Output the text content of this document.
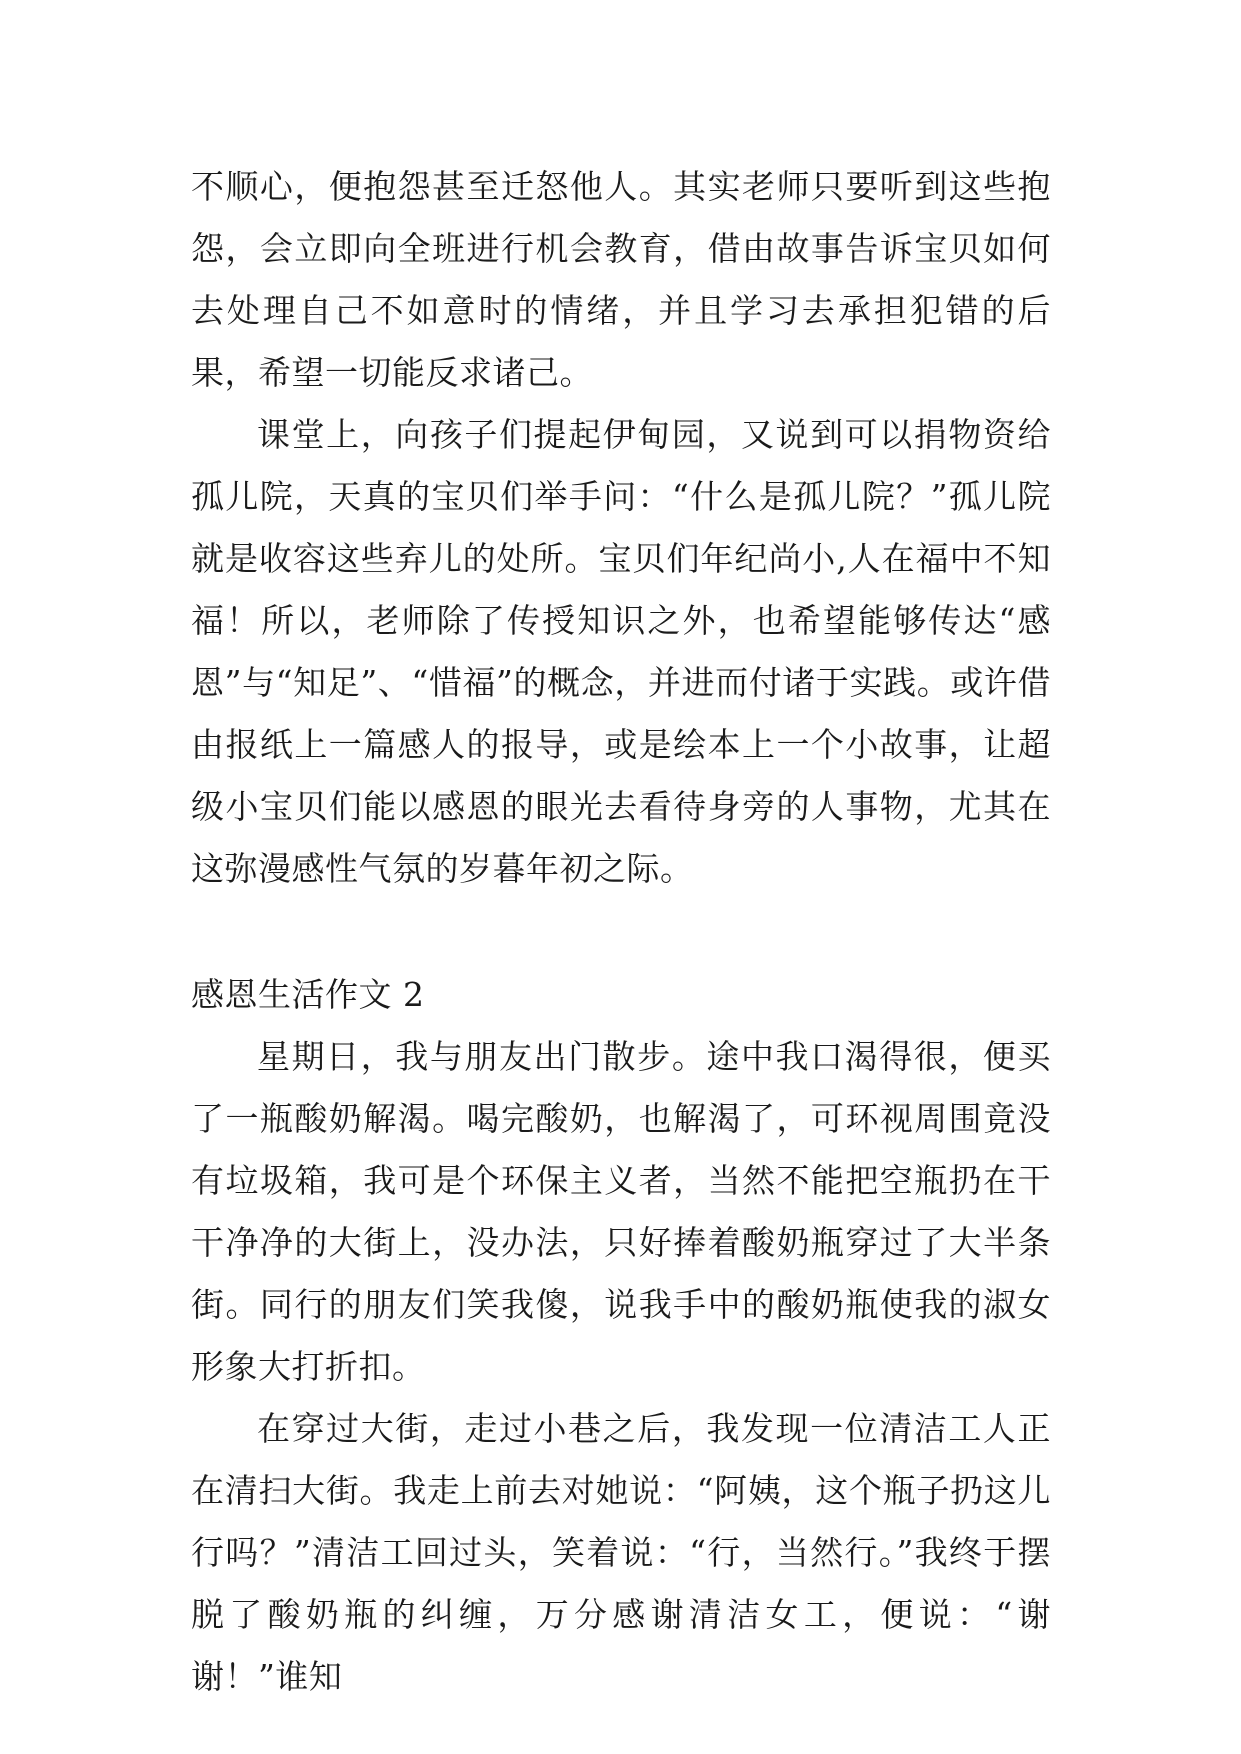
不顺心，便抱怨甚至迁怒他人。其实老师只要听到这些抱怨，会立即向全班进行机会教育，借由故事告诉宝贝如何去处理自己不如意时的情绪，并且学习去承担犯错的后果，希望一切能反求诸己。

课堂上，向孩子们提起伊甸园，又说到可以捐物资给孤儿院，天真的宝贝们举手问：“什么是孤儿院？”孤儿院就是收容这些弃儿的处所。宝贝们年纪尚小,人在福中不知福！所以，老师除了传授知识之外，也希望能够传达“感恩”与“知足”、“惜福”的概念，并进而付诸于实践。或许借由报纸上一篇感人的报导，或是绘本上一个小故事，让超级小宝贝们能以感恩的眼光去看待身旁的人事物，尤其在这弥漫感性气氛的岁暮年初之际。

感恩生活作文 2

星期日，我与朋友出门散步。途中我口渴得很，便买了一瓶酸奶解渴。喝完酸奶，也解渴了，可环视周围竟没有垃圾箱，我可是个环保主义者，当然不能把空瓶扔在干干净净的大街上，没办法，只好捧着酸奶瓶穿过了大半条街。同行的朋友们笑我傻，说我手中的酸奶瓶使我的淑女形象大打折扣。

在穿过大街，走过小巷之后，我发现一位清洁工人正在清扫大街。我走上前去对她说：“阿姨，这个瓶子扔这儿行吗？”清洁工回过头，笑着说：“行，当然行。”我终于摆脱了酸奶瓶的纠缠，万分感谢清洁女工，便说：“谢谢！”谁知
